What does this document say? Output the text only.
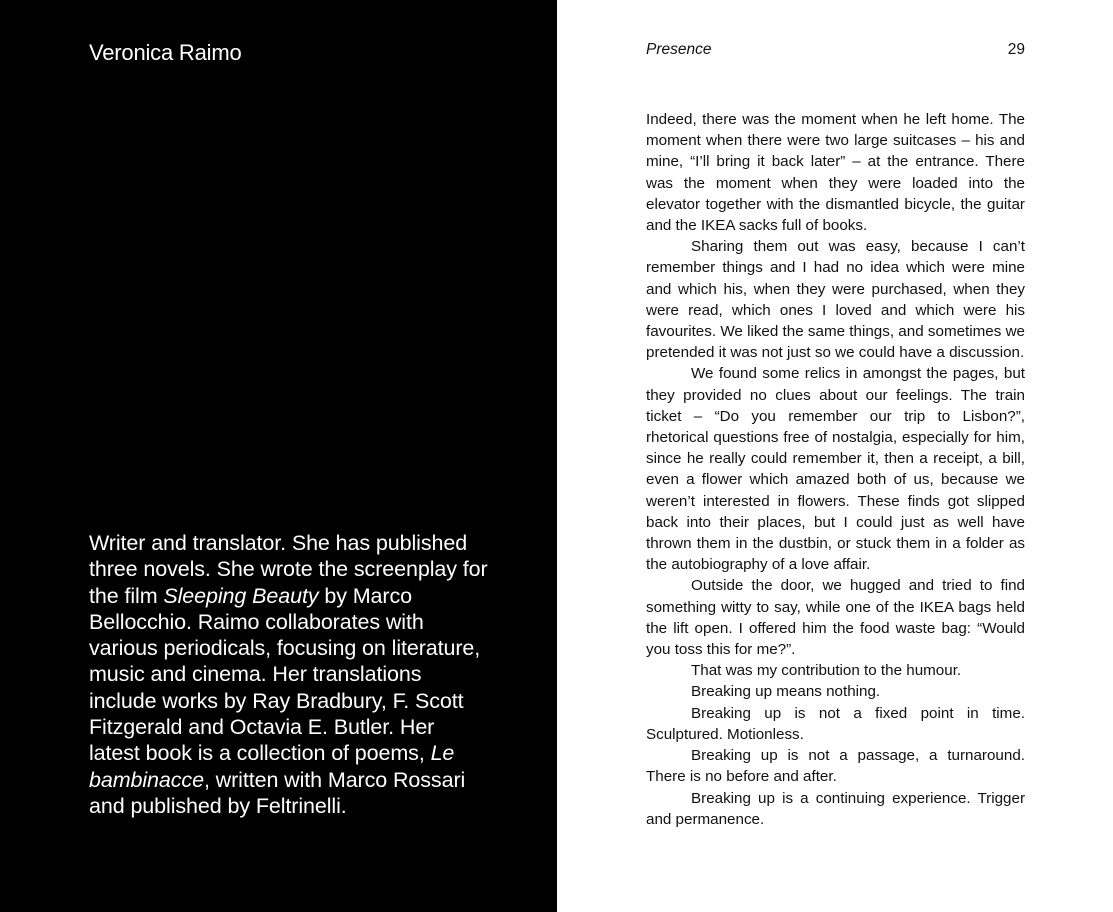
Veronica Raimo

Writer and translator. She has published three novels. She wrote the screenplay for the film Sleeping Beauty by Marco Bellocchio. Raimo collaborates with various periodicals, focusing on literature, music and cinema. Her translations include works by Ray Bradbury, F. Scott Fitzgerald and Octavia E. Butler. Her latest book is a collection of poems, Le bambinacce, written with Marco Rossari and published by Feltrinelli.

Presence	29

Indeed, there was the moment when he left home. The moment when there were two large suitcases – his and mine, “I’ll bring it back later” – at the entrance. There was the moment when they were loaded into the elevator together with the dismantled bicycle, the guitar and the IKEA sacks full of books.

Sharing them out was easy, because I can’t remember things and I had no idea which were mine and which his, when they were purchased, when they were read, which ones I loved and which were his favourites. We liked the same things, and sometimes we pretended it was not just so we could have a discussion.

We found some relics in amongst the pages, but they provided no clues about our feelings. The train ticket – “Do you remember our trip to Lisbon?”, rhetorical questions free of nostalgia, especially for him, since he really could remember it, then a receipt, a bill, even a flower which amazed both of us, because we weren’t interested in flowers. These finds got slipped back into their places, but I could just as well have thrown them in the dustbin, or stuck them in a folder as the autobiography of a love affair.

Outside the door, we hugged and tried to find something witty to say, while one of the IKEA bags held the lift open. I offered him the food waste bag: “Would you toss this for me?”.

That was my contribution to the humour.

Breaking up means nothing.

Breaking up is not a fixed point in time. Sculptured. Motionless.

Breaking up is not a passage, a turnaround. There is no before and after.

Breaking up is a continuing experience. Trigger and permanence.
